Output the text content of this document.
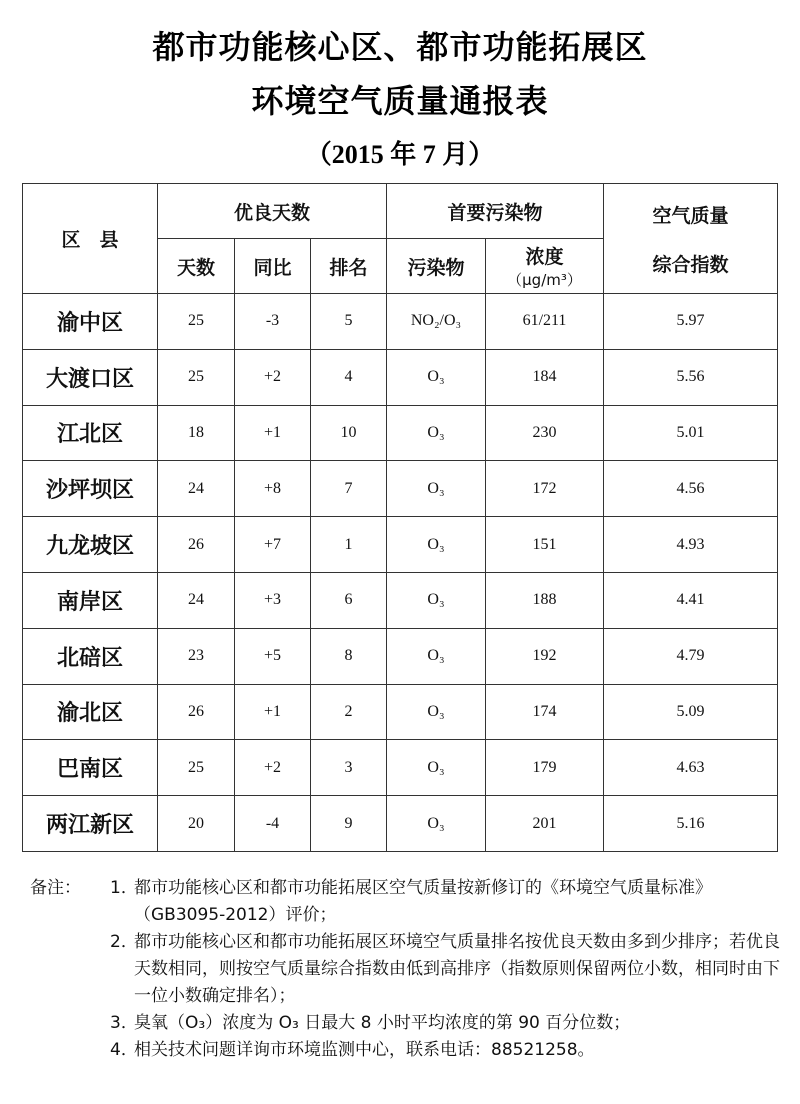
都市功能核心区、都市功能拓展区
环境空气质量通报表
（2015 年 7 月）
区　县	优良天数			首要污染物		空气质量
综合指数

	天数	同比	排名	污染物	浓度
（μg/m³）	

渝中区	25	-3	5	NO₂/O₃	61/211	5.97
大渡口区	25	+2	4	O₃	184	5.56
江北区	18	+1	10	O₃	230	5.01
沙坪坝区	24	+8	7	O₃	172	4.56
九龙坡区	26	+7	1	O₃	151	4.93
南岸区	24	+3	6	O₃	188	4.41
北碚区	23	+5	8	O₃	192	4.79
渝北区	26	+1	2	O₃	174	5.09
巴南区	25	+2	3	O₃	179	4.63
两江新区	20	-4	9	O₃	201	5.16
备注： 1．
都市功能核心区和都市功能拓展区空气质量按新修订的《环境空气质量标准》（GB3095-2012）评价；
2．
都市功能核心区和都市功能拓展区环境空气质量排名按优良天数由多到少排序；若优良天数相同，则按空气质量综合指数由低到高排序（指数原则保留两位小数，相同时由下一位小数确定排名）；
3．
臭氧（O₃）浓度为 O₃ 日最大 8 小时平均浓度的第 90 百分位数；
4．
相关技术问题详询市环境监测中心，联系电话：88521258。
